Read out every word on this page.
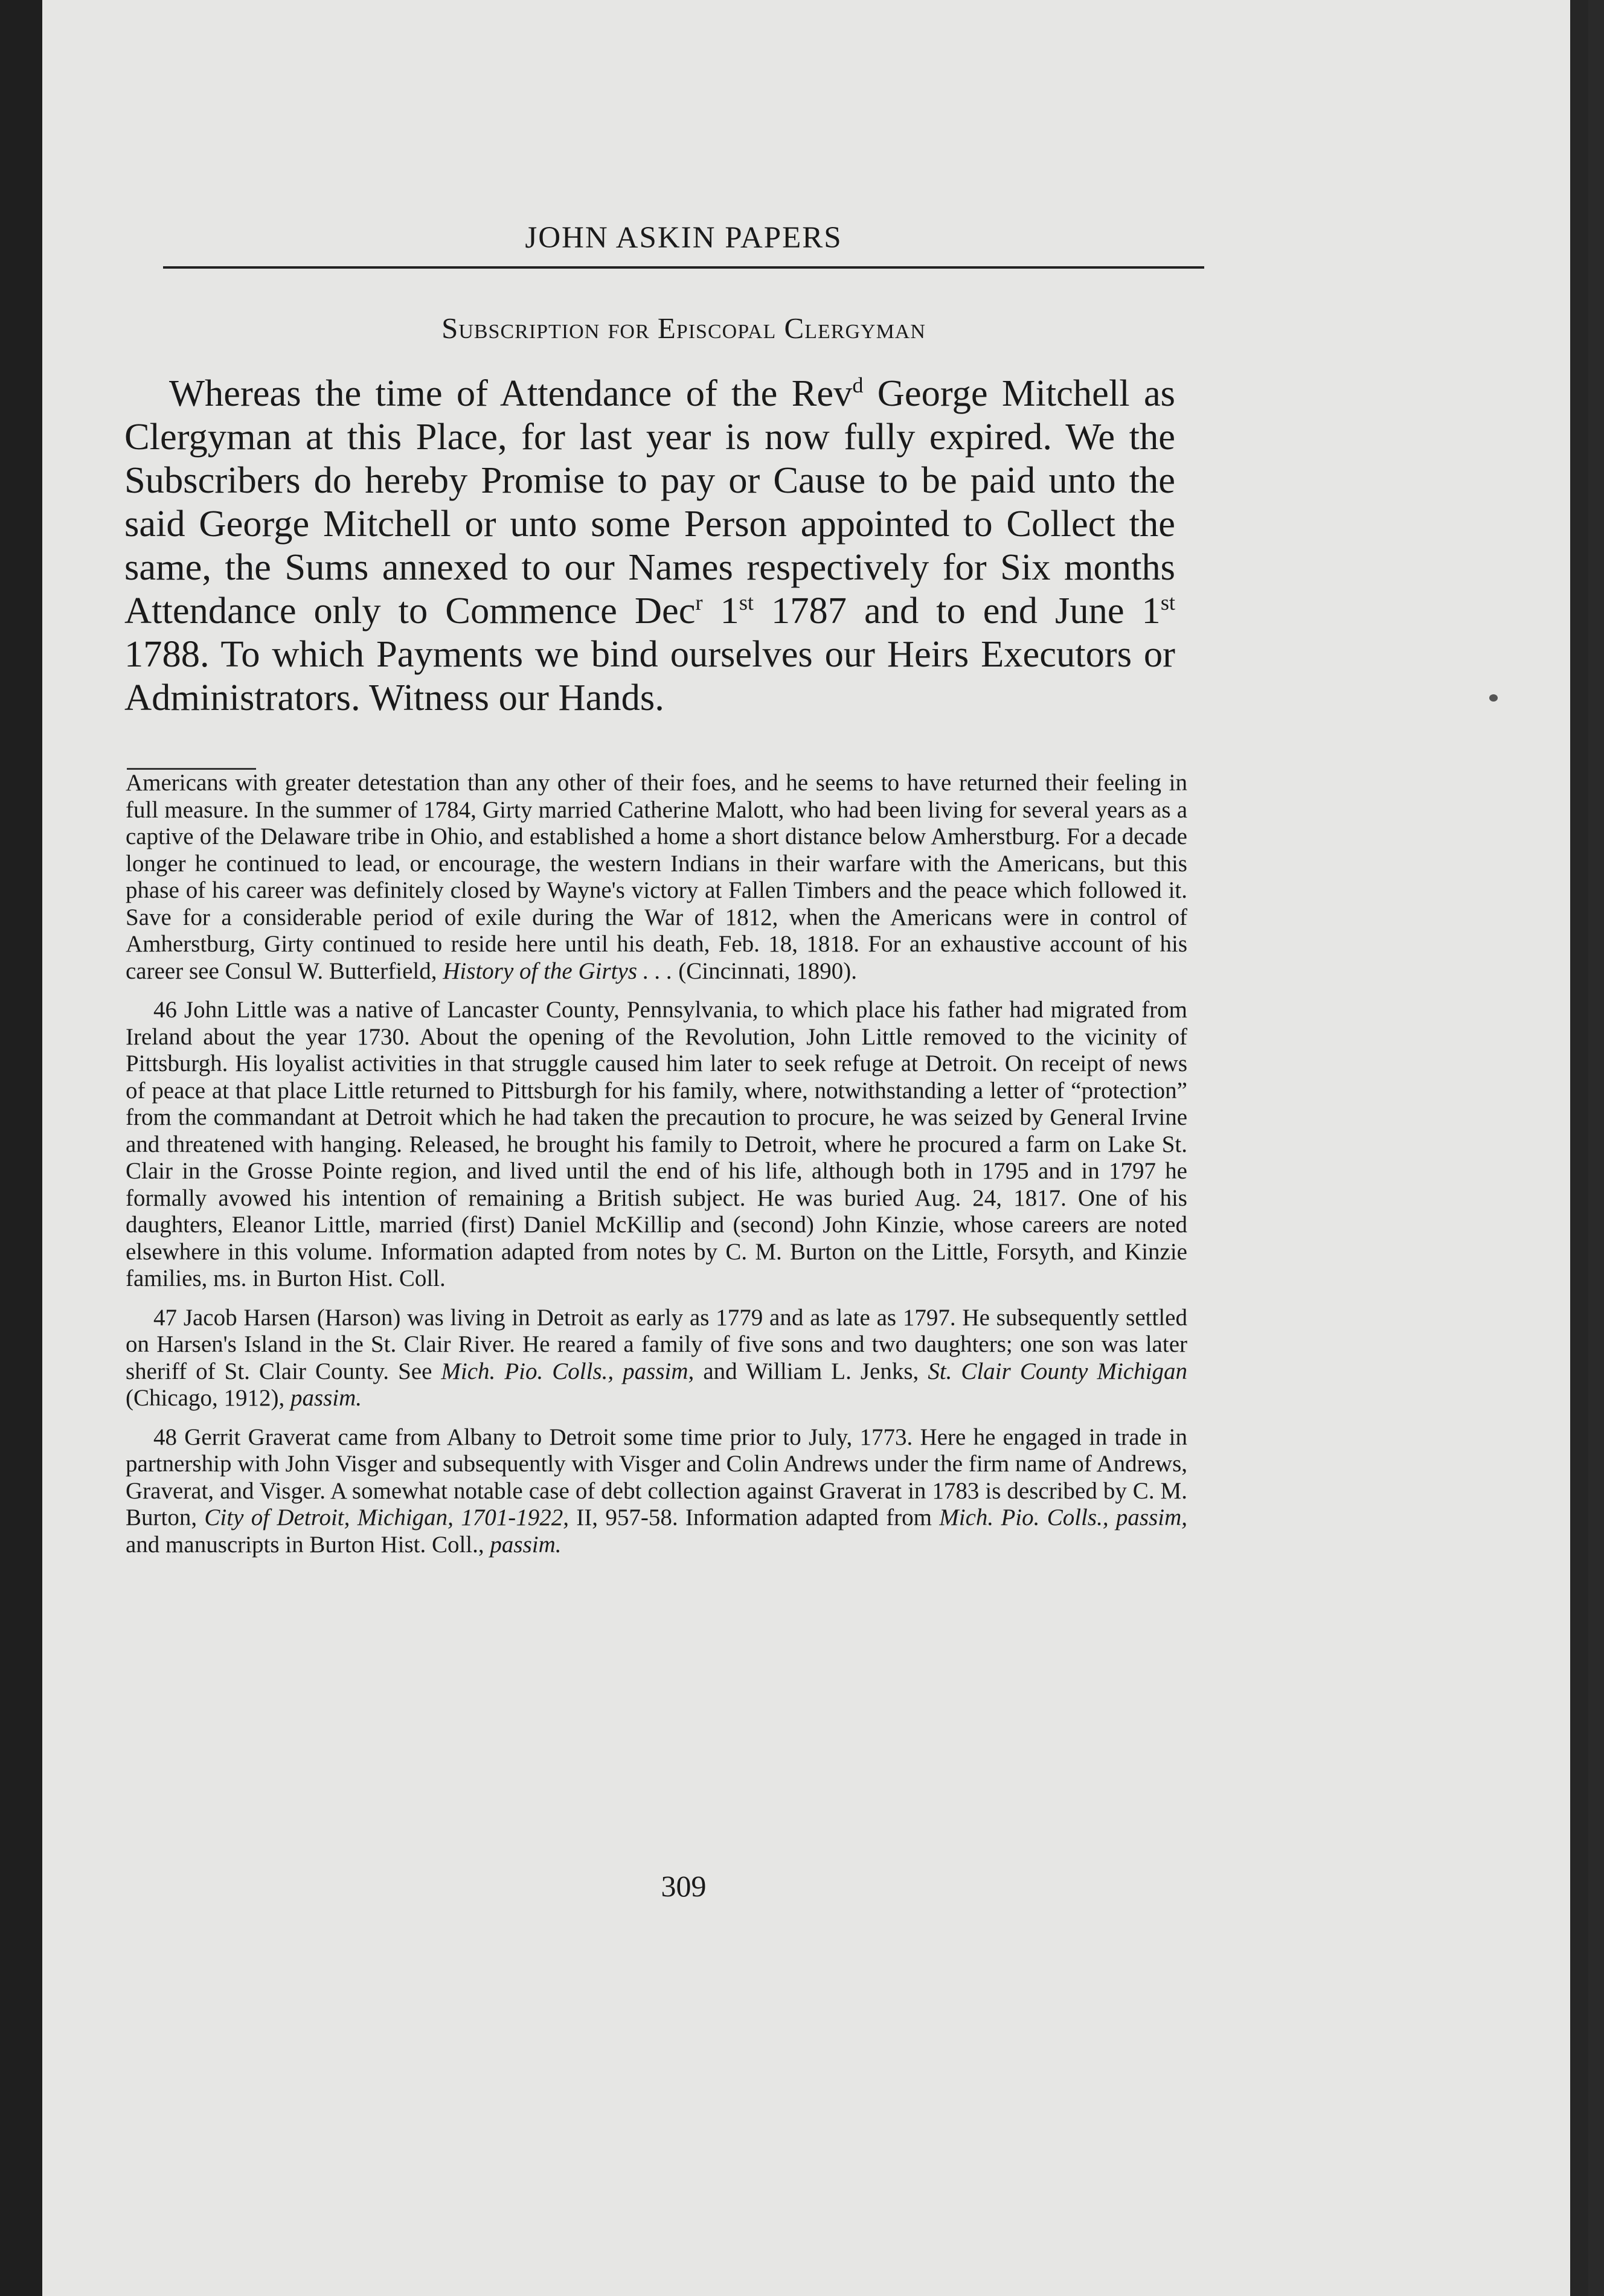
JOHN ASKIN PAPERS
Subscription for Episcopal Clergyman
Whereas the time of Attendance of the Rev$^d$ George Mitchell as Clergyman at this Place, for last year is now fully expired. We the Subscribers do hereby Promise to pay or Cause to be paid unto the said George Mitchell or unto some Person appointed to Collect the same, the Sums annexed to our Names respectively for Six months Attendance only to Commence Dec$^r$ 1st 1787 and to end June 1st 1788. To which Payments we bind ourselves our Heirs Executors or Administrators. Witness our Hands.

Americans with greater detestation than any other of their foes, and he seems to have returned their feeling in full measure. In the summer of 1784, Girty married Catherine Malott, who had been living for several years as a captive of the Delaware tribe in Ohio, and established a home a short distance below Amherstburg. For a decade longer he continued to lead, or encourage, the western Indians in their warfare with the Americans, but this phase of his career was definitely closed by Wayne's victory at Fallen Timbers and the peace which followed it. Save for a considerable period of exile during the War of 1812, when the Americans were in control of Amherstburg, Girty continued to reside here until his death, Feb. 18, 1818. For an exhaustive account of his career see Consul W. Butterfield, History of the Girtys . . . (Cincinnati, 1890).

46 John Little was a native of Lancaster County, Pennsylvania, to which place his father had migrated from Ireland about the year 1730. About the opening of the Revolution, John Little removed to the vicinity of Pittsburgh. His loyalist activities in that struggle caused him later to seek refuge at Detroit. On receipt of news of peace at that place Little returned to Pittsburgh for his family, where, notwithstanding a letter of “protection” from the commandant at Detroit which he had taken the precaution to procure, he was seized by General Irvine and threatened with hanging. Released, he brought his family to Detroit, where he procured a farm on Lake St. Clair in the Grosse Pointe region, and lived until the end of his life, although both in 1795 and in 1797 he formally avowed his intention of remaining a British subject. He was buried Aug. 24, 1817. One of his daughters, Eleanor Little, married (first) Daniel McKillip and (second) John Kinzie, whose careers are noted elsewhere in this volume. Information adapted from notes by C. M. Burton on the Little, Forsyth, and Kinzie families, ms. in Burton Hist. Coll.

47 Jacob Harsen (Harson) was living in Detroit as early as 1779 and as late as 1797. He subsequently settled on Harsen's Island in the St. Clair River. He reared a family of five sons and two daughters; one son was later sheriff of St. Clair County. See Mich. Pio. Colls., passim, and William L. Jenks, St. Clair County Michigan (Chicago, 1912), passim.

48 Gerrit Graverat came from Albany to Detroit some time prior to July, 1773. Here he engaged in trade in partnership with John Visger and subsequently with Visger and Colin Andrews under the firm name of Andrews, Graverat, and Visger. A somewhat notable case of debt collection against Graverat in 1783 is described by C. M. Burton, City of Detroit, Michigan, 1701-1922, II, 957-58. Information adapted from Mich. Pio. Colls., passim, and manuscripts in Burton Hist. Coll., passim.

309
